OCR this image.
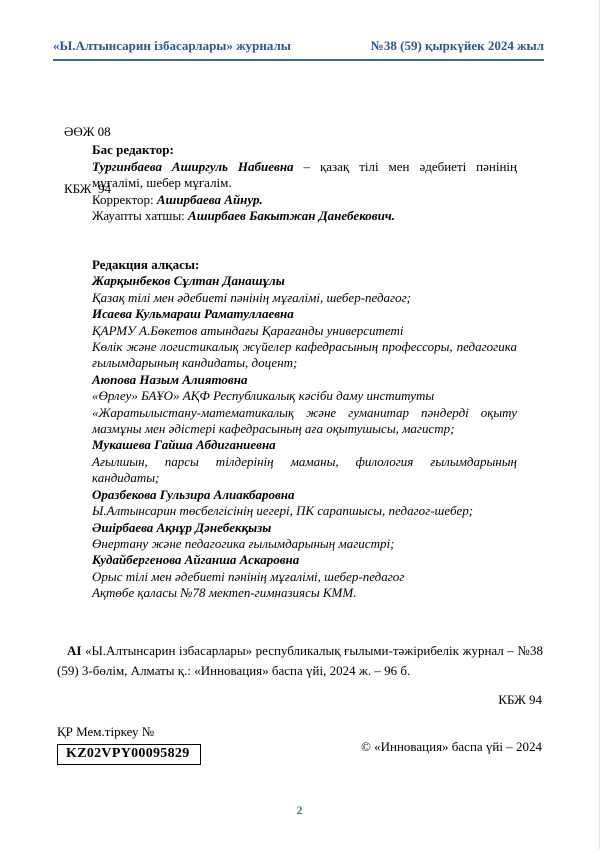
«Ы.Алтынсарин ізбасарлары» журналы	№38 (59) қыркүйек 2024 жыл

ӘӨЖ 08

КБЖ  94

Бас редактор:

Тургинбаева Аширгуль Набиевна – қазақ тілі мен әдебиеті пәнінің мұғалімі, шебер мұғалім.

Корректор: Аширбаева Айнур.
Жауапты хатшы: Аширбаев Бакытжан Данебекович.
Редакция алқасы:
Жарқынбеков Сұлтан Данашұлы
Қазақ тілі мен әдебиеті пәнінің мұғалімі, шебер-педагог;
Исаева Кульмараш Раматуллаевна
ҚАРМУ А.Бөкетов атындағы Қарағанды университеті
Көлік және логистикалық жүйелер кафедрасының профессоры, педагогика ғылымдарының кандидаты, доцент;
Аюпова Назым Алиятовна
«Өрлеу» БАҰО» АҚФ Республикалық кәсіби даму институты
«Жаратылыстану-математикалық және гуманитар пәндерді оқыту мазмұны мен әдістері кафедрасының аға оқытушысы, магистр;
Мукашева Гайша Абдиганиевна
Ағылшын, парсы тілдерінің маманы, филология ғылымдарының кандидаты;
Оразбекова Гульзира Алиакбаровна
Ы.Алтынсарин төсбелгісінің иегері, ПК сарапшысы, педагог-шебер;
Әшірбаева Ақнұр Дәнебекқызы
Өнертану және педагогика ғылымдарының магистрі;
Кудайбергенова Айганша Аскаровна
Орыс тілі мен әдебиеті пәнінің мұғалімі, шебер-педагог
Ақтөбе қаласы №78 мектеп-гимназиясы КММ.

АІ «Ы.Алтынсарин ізбасарлары» республикалық ғылыми-тәжірибелік журнал – №38 (59) 3-бөлім, Алматы қ.: «Инновация» баспа үйі, 2024 ж. – 96 б.

КБЖ 94
ҚР Мем.тіркеу №
KZ02VPY00095829	© «Инновация» баспа үйі – 2024
2
